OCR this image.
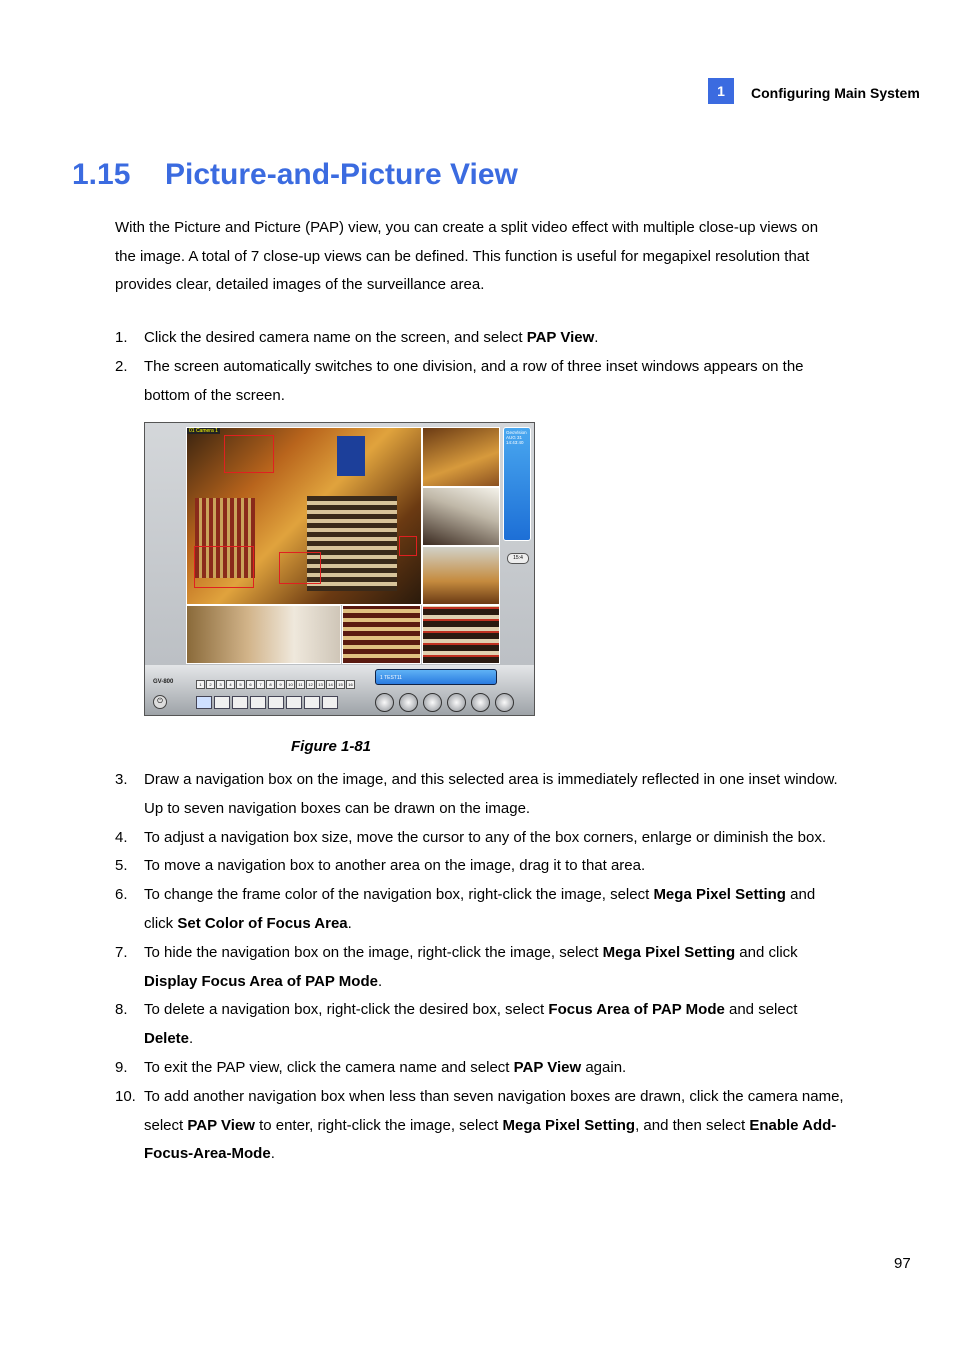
1	Configuring Main System
1.15 Picture-and-Picture View

With the Picture and Picture (PAP) view, you can create a split video effect with multiple close-up views on the image. A total of 7 close-up views can be defined. This function is useful for megapixel resolution that provides clear, detailed images of the surveillance area.

1. Click the desired camera name on the screen, and select PAP View.
2. The screen automatically switches to one division, and a row of three inset windows appears on the bottom of the screen.
01 Camera 1	GeoVision
AUG 31
14:43:40
15:4
GV-800
⏻
1	2	3	4	5	6	7	8	9	10	11	12	13	14	15	16
1 TEST11
Figure 1-81
3. Draw a navigation box on the image, and this selected area is immediately reflected in one inset window. Up to seven navigation boxes can be drawn on the image.
4. To adjust a navigation box size, move the cursor to any of the box corners, enlarge or diminish the box.
5. To move a navigation box to another area on the image, drag it to that area.
6. To change the frame color of the navigation box, right-click the image, select Mega Pixel Setting and click Set Color of Focus Area.
7. To hide the navigation box on the image, right-click the image, select Mega Pixel Setting and click Display Focus Area of PAP Mode.
8. To delete a navigation box, right-click the desired box, select Focus Area of PAP Mode and select Delete.
9. To exit the PAP view, click the camera name and select PAP View again.
10. To add another navigation box when less than seven navigation boxes are drawn, click the camera name, select PAP View to enter, right-click the image, select Mega Pixel Setting, and then select Enable Add-Focus-Area-Mode.
97
